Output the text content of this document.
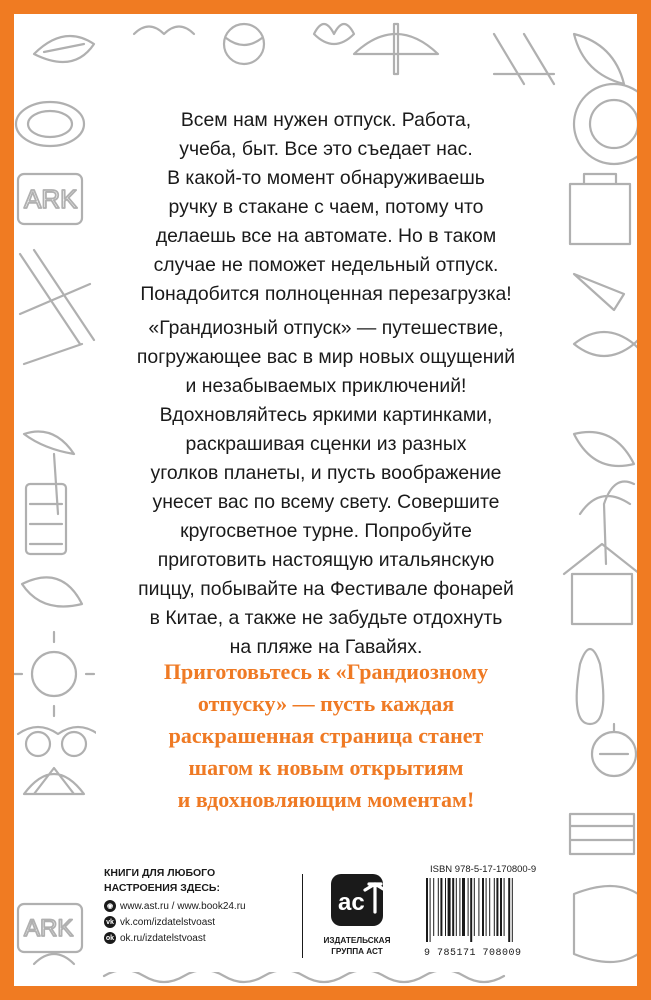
ARK
ARK

Всем нам нужен отпуск. Работа,
учеба, быт. Все это съедает нас.
В какой-то момент обнаруживаешь
ручку в стакане с чаем, потому что
делаешь все на автомате. Но в таком
случае не поможет недельный отпуск.
Понадобится полноценная перезагрузка!

«Грандиозный отпуск» — путешествие,
погружающее вас в мир новых ощущений
и незабываемых приключений!
Вдохновляйтесь яркими картинками,
раскрашивая сценки из разных
уголков планеты, и пусть воображение
унесет вас по всему свету. Совершите
кругосветное турне. Попробуйте
приготовить настоящую итальянскую
пиццу, побывайте на Фестивале фонарей
в Китае, а также не забудьте отдохнуть
на пляже на Гавайях.

Приготовьтесь к «Грандиозному
отпуску» — пусть каждая
раскрашенная страница станет
шагом к новым открытиям
и вдохновляющим моментам!

КНИГИ ДЛЯ ЛЮБОГО
НАСТРОЕНИЯ ЗДЕСЬ:

◉ www.ast.ru / www.book24.ru
vk vk.com/izdatelstvoast
ok ok.ru/izdatelstvoast
ac

ИЗДАТЕЛЬСКАЯ
ГРУППА АСТ

ISBN 978-5-17-170800-9

9 785171 708009
